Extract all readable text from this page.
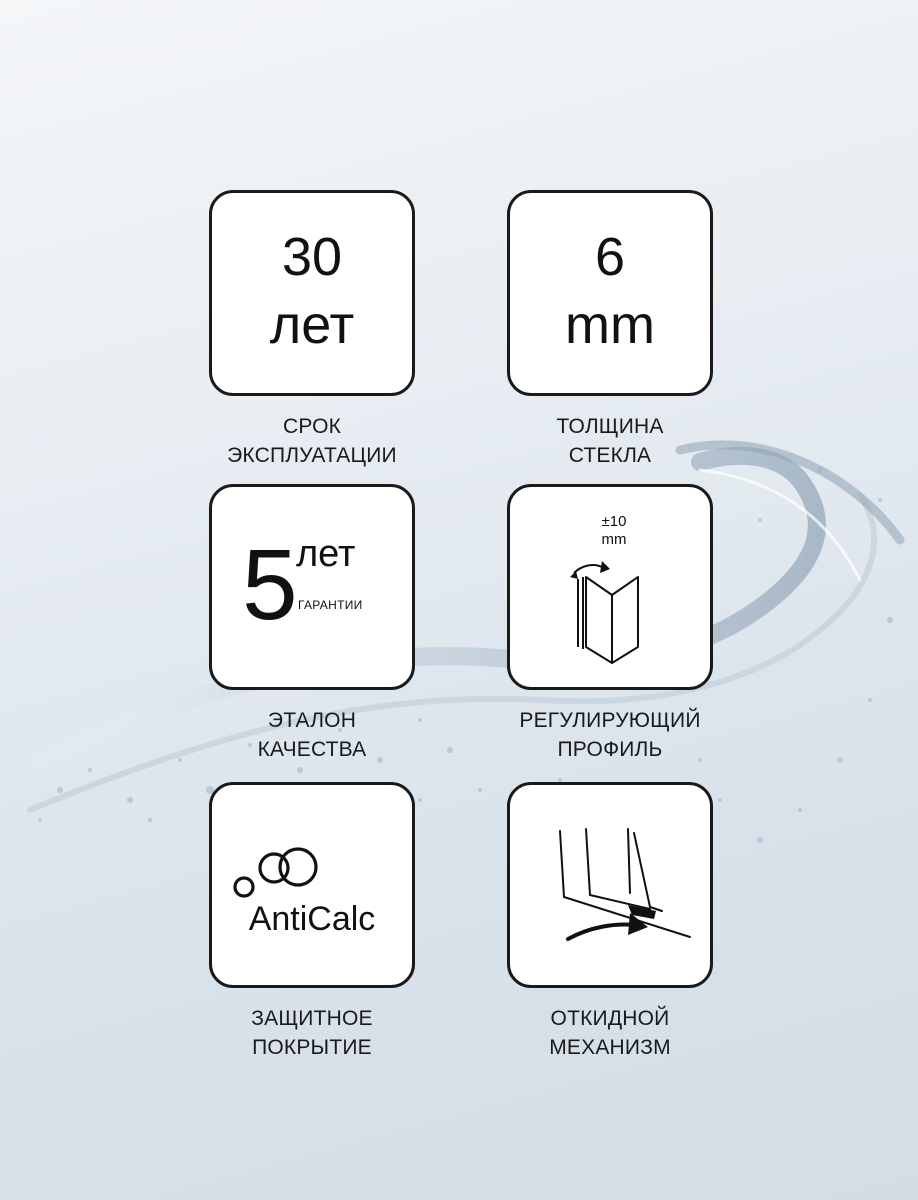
30
лет
СРОК
ЭКСПЛУАТАЦИИ
6
mm
ТОЛЩИНА
СТЕКЛА
5
лет
ГАРАНТИИ
ЭТАЛОН
КАЧЕСТВА
±10
mm
РЕГУЛИРУЮЩИЙ
ПРОФИЛЬ
AntiCalc
ЗАЩИТНОЕ
ПОКРЫТИЕ
ОТКИДНОЙ
МЕХАНИЗМ
